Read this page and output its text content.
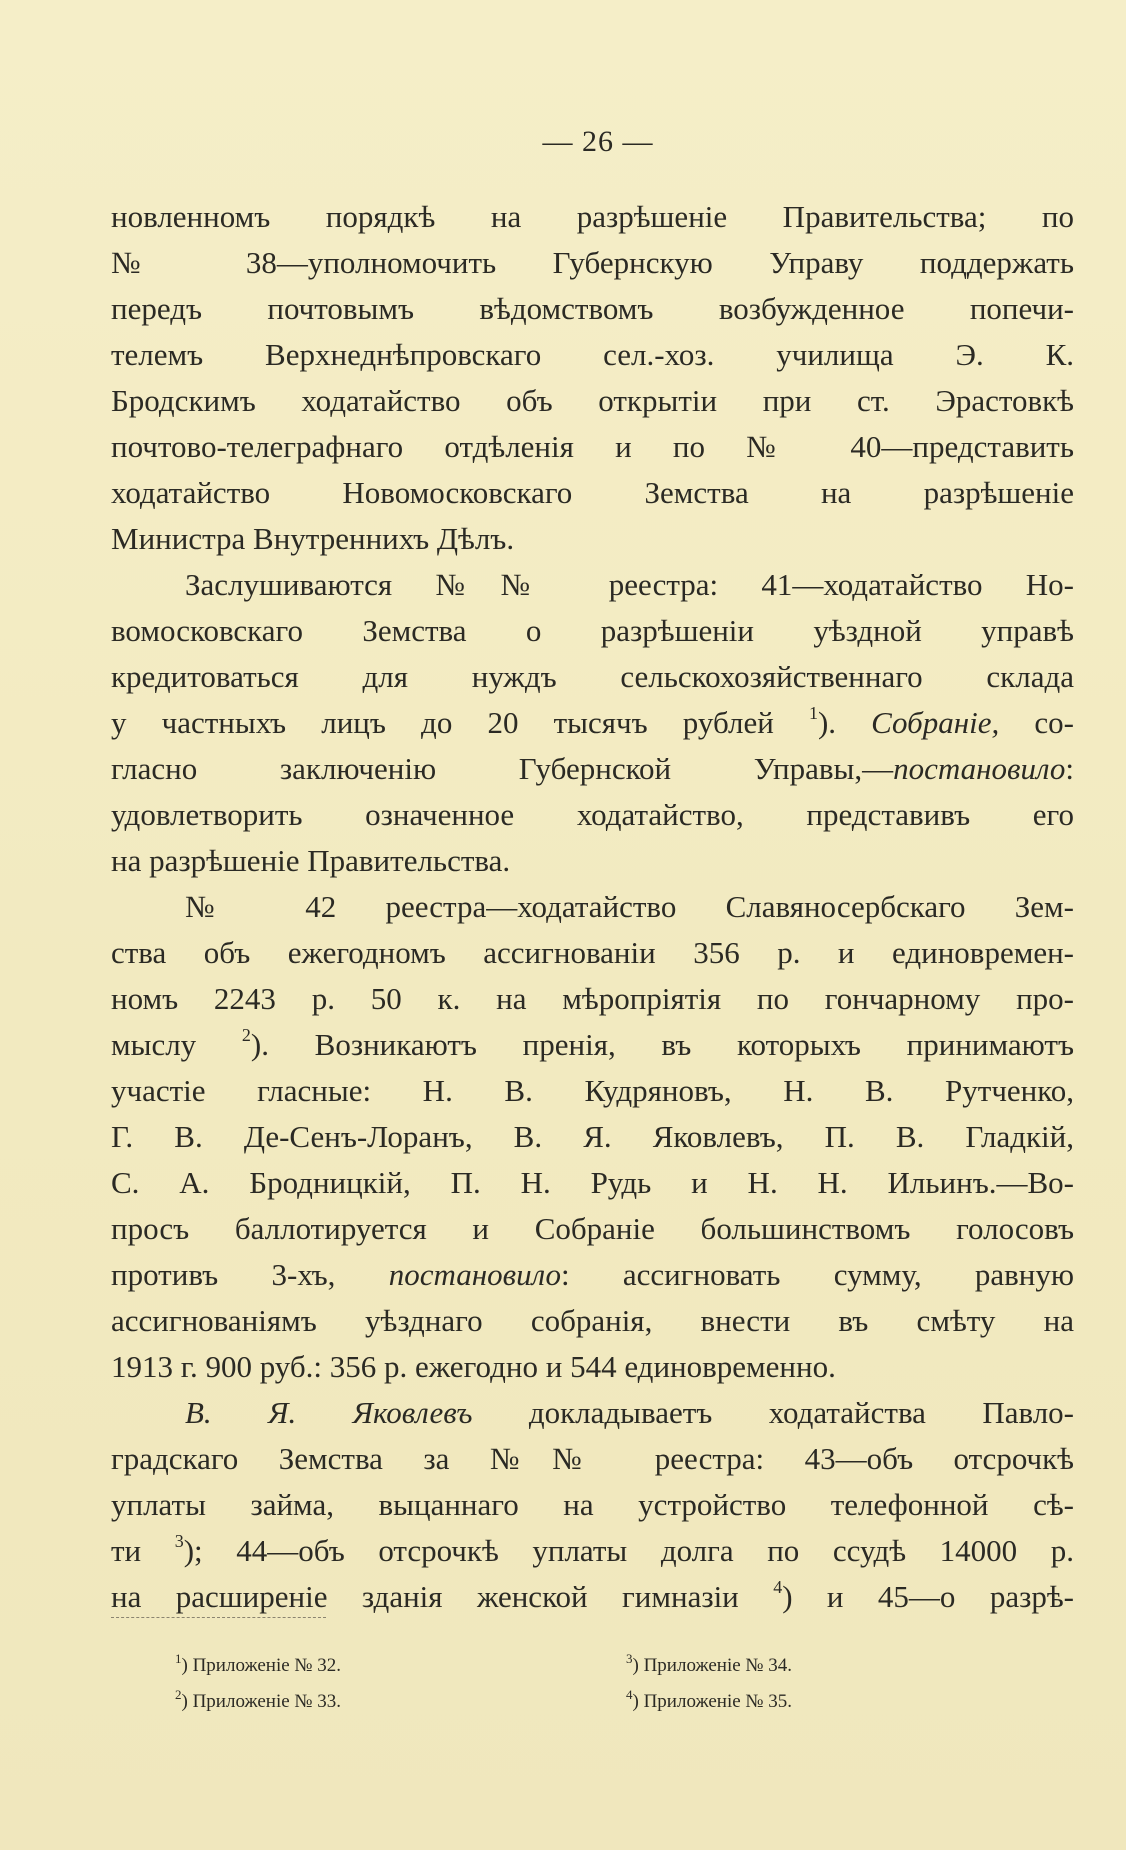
— 26 —
новленномъ порядкѣ на разрѣшеніе Правительства; по
№ 38—уполномочить Губернскую Управу поддержать
передъ почтовымъ вѣдомствомъ возбужденное попечи-
телемъ Верхнеднѣпровскаго сел.-хоз. училища Э. К.
Бродскимъ ходатайство объ открытіи при ст. Эрастовкѣ
почтово-телеграфнаго отдѣленія и по № 40—представить
ходатайство Новомосковскаго Земства на разрѣшеніе
Министра Внутреннихъ Дѣлъ.
Заслушиваются №№ реестра: 41—ходатайство Но-
вомосковскаго Земства о разрѣшеніи уѣздной управѣ
кредитоваться для нуждъ сельскохозяйственнаго склада
у частныхъ лицъ до 20 тысячъ рублей $^1$). Собраніе, со-
гласно заключенію Губернской Управы,—постановило:
удовлетворить означенное ходатайство, представивъ его
на разрѣшеніе Правительства.
№ 42 реестра—ходатайство Славяносербскаго Зем-
ства объ ежегодномъ ассигнованіи 356 р. и единовремен-
номъ 2243 р. 50 к. на мѣропріятія по гончарному про-
мыслу $^2$). Возникаютъ пренія, въ которыхъ принимаютъ
участіе гласные: Н. В. Кудряновъ, Н. В. Рутченко,
Г. В. Де-Сенъ-Лоранъ, В. Я. Яковлевъ, П. В. Гладкій,
С. А. Бродницкій, П. Н. Рудь и Н. Н. Ильинъ.—Во-
просъ баллотируется и Собраніе большинствомъ голосовъ
противъ 3-хъ, постановило: ассигновать сумму, равную
ассигнованіямъ уѣзднаго собранія, внести въ смѣту на
1913 г. 900 руб.: 356 р. ежегодно и 544 единовременно.
В. Я. Яковлевъ докладываетъ ходатайства Павло-
градскаго Земства за №№ реестра: 43—объ отсрочкѣ
уплаты займа, выцаннаго на устройство телефонной сѣ-
ти $^3$); 44—объ отсрочкѣ уплаты долга по ссудѣ 14000 р.
на расширеніе зданія женской гимназіи $^4$) и 45—о разрѣ-
$^1$) Приложеніе № 32.
$^2$) Приложеніе № 33.
$^3$) Приложеніе № 34.
$^4$) Приложеніе № 35.
